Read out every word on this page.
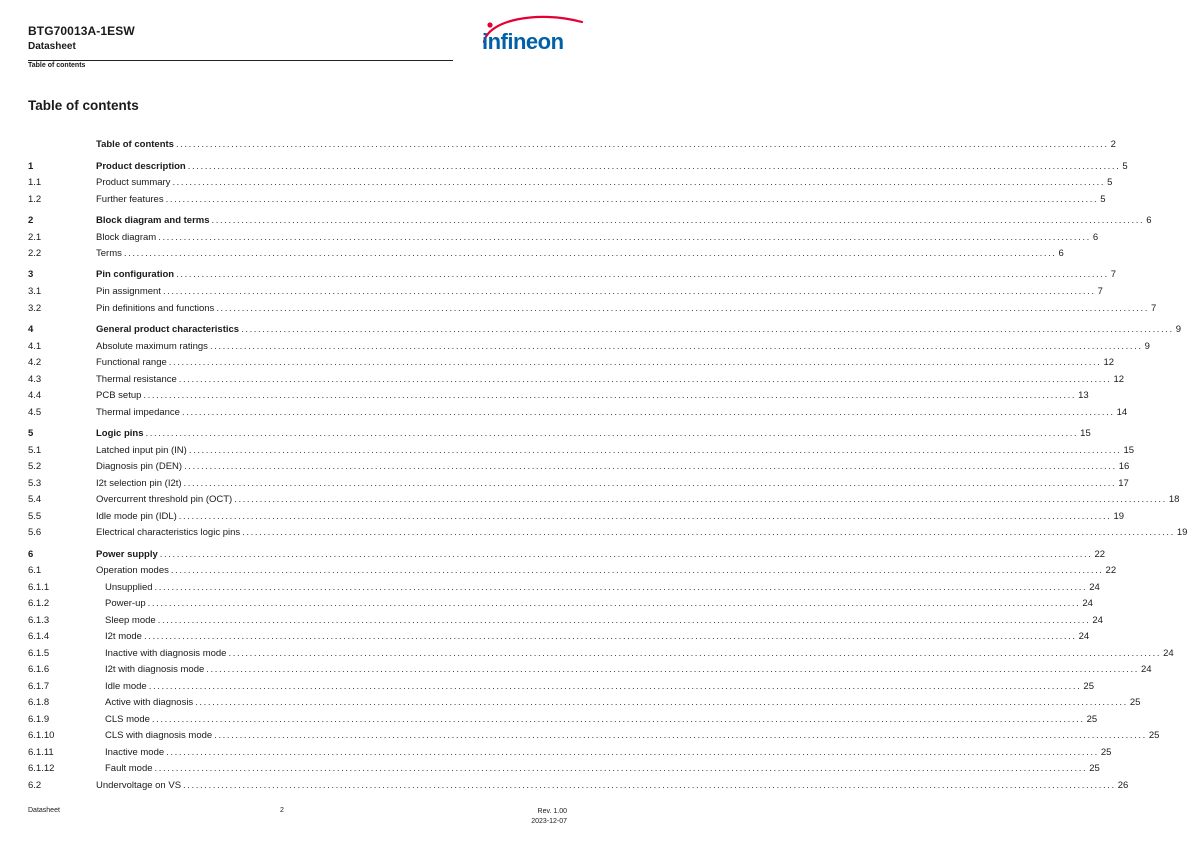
BTG70013A-1ESW
Datasheet
Table of contents
infineon
Table of contents
Table of contents ............................................................................................................................................................................................................................ 2
1	Product description ............................................................................................................................................................................................................................ 5
1.1	Product summary ............................................................................................................................................................................................................................ 5
1.2	Further features ............................................................................................................................................................................................................................ 5
2	Block diagram and terms ............................................................................................................................................................................................................................ 6
2.1	Block diagram ............................................................................................................................................................................................................................ 6
2.2	Terms ............................................................................................................................................................................................................................ 6
3	Pin configuration ............................................................................................................................................................................................................................ 7
3.1	Pin assignment ............................................................................................................................................................................................................................ 7
3.2	Pin definitions and functions ............................................................................................................................................................................................................................ 7
4	General product characteristics ............................................................................................................................................................................................................................ 9
4.1	Absolute maximum ratings ............................................................................................................................................................................................................................ 9
4.2	Functional range ............................................................................................................................................................................................................................ 12
4.3	Thermal resistance ............................................................................................................................................................................................................................ 12
4.4	PCB setup ............................................................................................................................................................................................................................ 13
4.5	Thermal impedance ............................................................................................................................................................................................................................ 14
5	Logic pins ............................................................................................................................................................................................................................ 15
5.1	Latched input pin (IN) ............................................................................................................................................................................................................................ 15
5.2	Diagnosis pin (DEN) ............................................................................................................................................................................................................................ 16
5.3	I2t selection pin (I2t) ............................................................................................................................................................................................................................ 17
5.4	Overcurrent threshold pin (OCT) ............................................................................................................................................................................................................................ 18
5.5	Idle mode pin (IDL) ............................................................................................................................................................................................................................ 19
5.6	Electrical characteristics logic pins ............................................................................................................................................................................................................................ 19
6	Power supply ............................................................................................................................................................................................................................ 22
6.1	Operation modes ............................................................................................................................................................................................................................ 22
6.1.1	Unsupplied ............................................................................................................................................................................................................................ 24
6.1.2	Power-up ............................................................................................................................................................................................................................ 24
6.1.3	Sleep mode ............................................................................................................................................................................................................................ 24
6.1.4	I2t mode ............................................................................................................................................................................................................................ 24
6.1.5	Inactive with diagnosis mode ............................................................................................................................................................................................................................ 24
6.1.6	I2t with diagnosis mode ............................................................................................................................................................................................................................ 24
6.1.7	Idle mode ............................................................................................................................................................................................................................ 25
6.1.8	Active with diagnosis ............................................................................................................................................................................................................................ 25
6.1.9	CLS mode ............................................................................................................................................................................................................................ 25
6.1.10	CLS with diagnosis mode ............................................................................................................................................................................................................................ 25
6.1.11	Inactive mode ............................................................................................................................................................................................................................ 25
6.1.12	Fault mode ............................................................................................................................................................................................................................ 25
6.2	Undervoltage on VS ............................................................................................................................................................................................................................ 26
Datasheet	2	Rev. 1.00
2023-12-07
